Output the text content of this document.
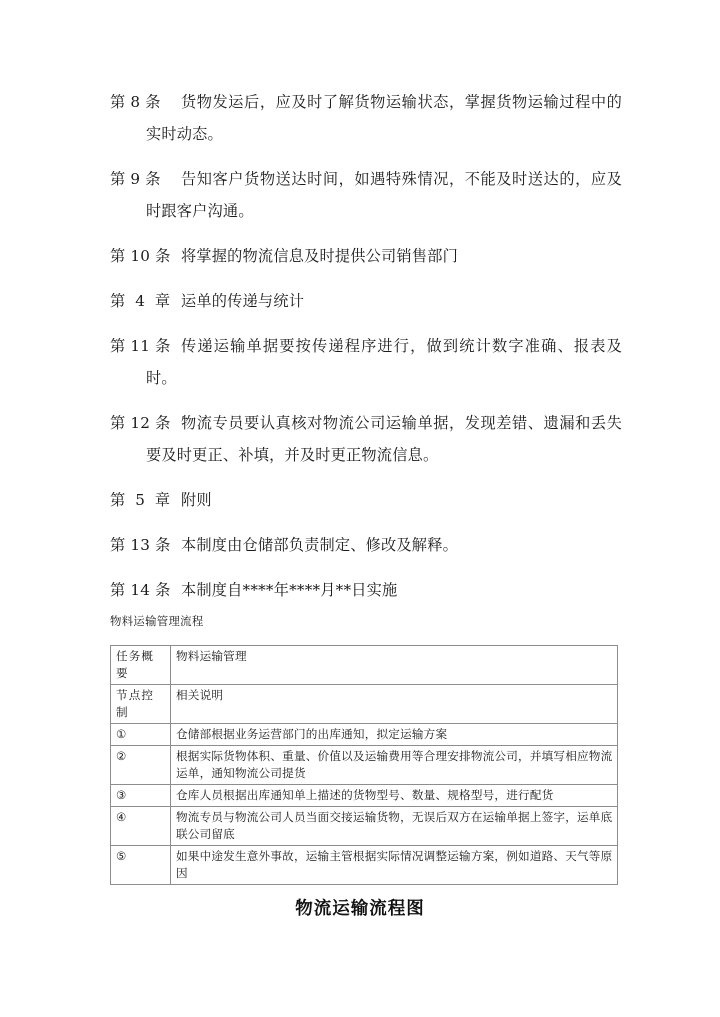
第 8 条	货物发运后，应及时了解货物运输状态，掌握货物运输过程中的实时动态。
第 9 条	告知客户货物送达时间，如遇特殊情况，不能及时送达的，应及时跟客户沟通。
第 10 条 将掌握的物流信息及时提供公司销售部门
第 4 章 运单的传递与统计
第 11 条 传递运输单据要按传递程序进行，做到统计数字准确、报表及时。
第 12 条 物流专员要认真核对物流公司运输单据，发现差错、遗漏和丢失要及时更正、补填，并及时更正物流信息。
第 5 章 附则
第 13 条 本制度由仓储部负责制定、修改及解释。
第 14 条 本制度自****年****月**日实施
物料运输管理流程
任务概要	物料运输管理
节点控制	相关说明
①	仓储部根据业务运营部门的出库通知，拟定运输方案
②	根据实际货物体积、重量、价值以及运输费用等合理安排物流公司，并填写相应物流运单，通知物流公司提货
③	仓库人员根据出库通知单上描述的货物型号、数量、规格型号，进行配货
④	物流专员与物流公司人员当面交接运输货物，无误后双方在运输单据上签字，运单底联公司留底
⑤	如果中途发生意外事故，运输主管根据实际情况调整运输方案，例如道路、天气等原因
物流运输流程图
